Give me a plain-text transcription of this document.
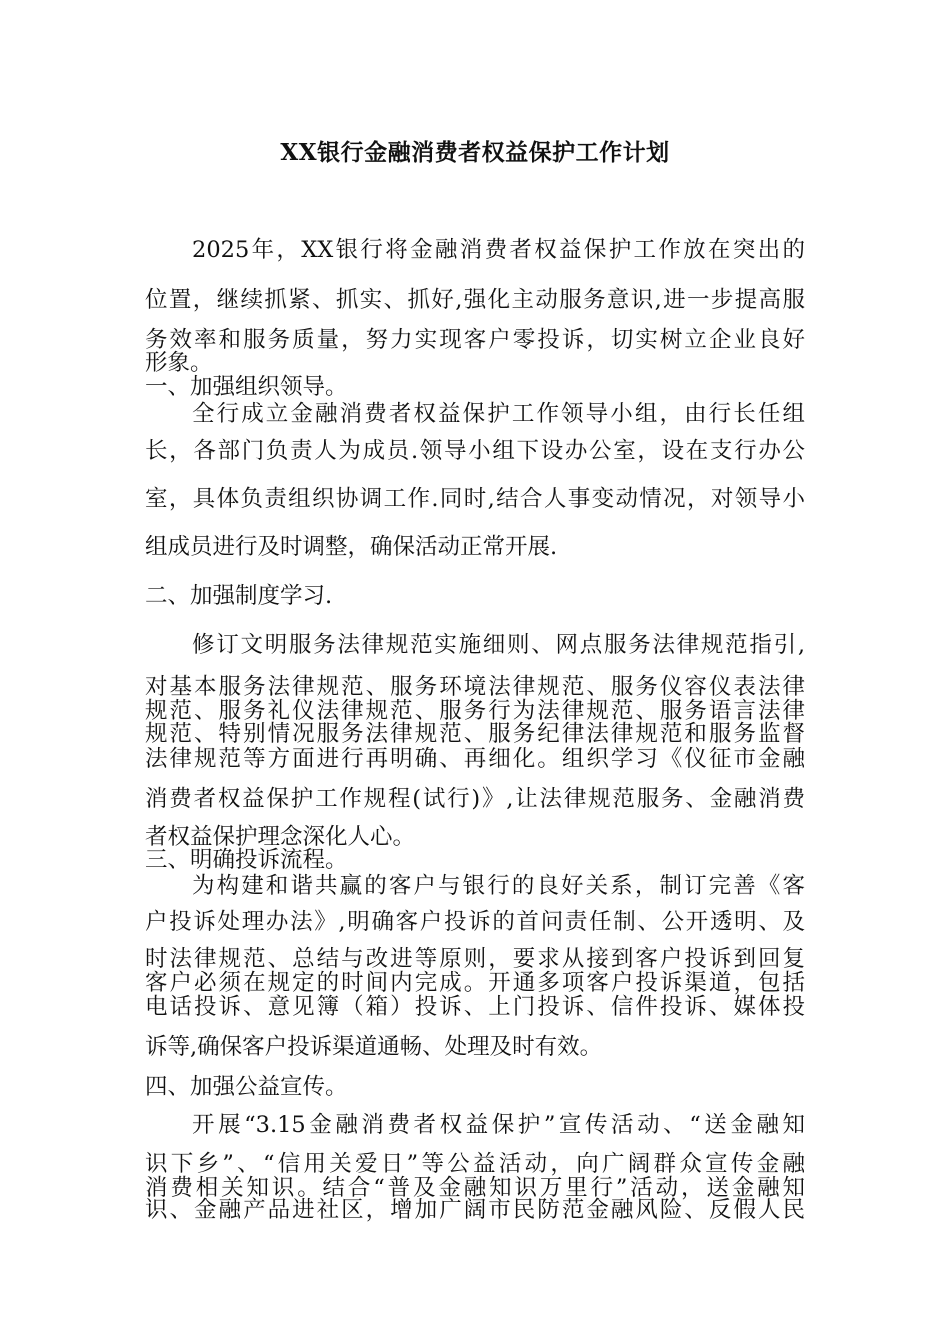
XX银行金融消费者权益保护工作计划
2025年，XX银行将金融消费者权益保护工作放在突出的
位置，继续抓紧、抓实、抓好,强化主动服务意识,进一步提高服
务效率和服务质量，努力实现客户零投诉，切实树立企业良好
形象。
一、加强组织领导。
全行成立金融消费者权益保护工作领导小组，由行长任组
长，各部门负责人为成员.领导小组下设办公室，设在支行办公
室，具体负责组织协调工作.同时,结合人事变动情况，对领导小
组成员进行及时调整，确保活动正常开展.
二、加强制度学习.
修订文明服务法律规范实施细则、网点服务法律规范指引,
对基本服务法律规范、服务环境法律规范、服务仪容仪表法律
规范、服务礼仪法律规范、服务行为法律规范、服务语言法律
规范、特别情况服务法律规范、服务纪律法律规范和服务监督
法律规范等方面进行再明确、再细化。组织学习《仪征市金融
消费者权益保护工作规程(试行)》,让法律规范服务、金融消费
者权益保护理念深化人心。
三、明确投诉流程。
为构建和谐共赢的客户与银行的良好关系，制订完善《客
户投诉处理办法》,明确客户投诉的首问责任制、公开透明、及
时法律规范、总结与改进等原则，要求从接到客户投诉到回复
客户必须在规定的时间内完成。开通多项客户投诉渠道，包括
电话投诉、意见簿（箱）投诉、上门投诉、信件投诉、媒体投
诉等,确保客户投诉渠道通畅、处理及时有效。
四、加强公益宣传。
开展“3.15金融消费者权益保护”宣传活动、“送金融知
识下乡”、“信用关爱日”等公益活动，向广阔群众宣传金融
消费相关知识。结合“普及金融知识万里行”活动，送金融知
识、金融产品进社区，增加广阔市民防范金融风险、反假人民
